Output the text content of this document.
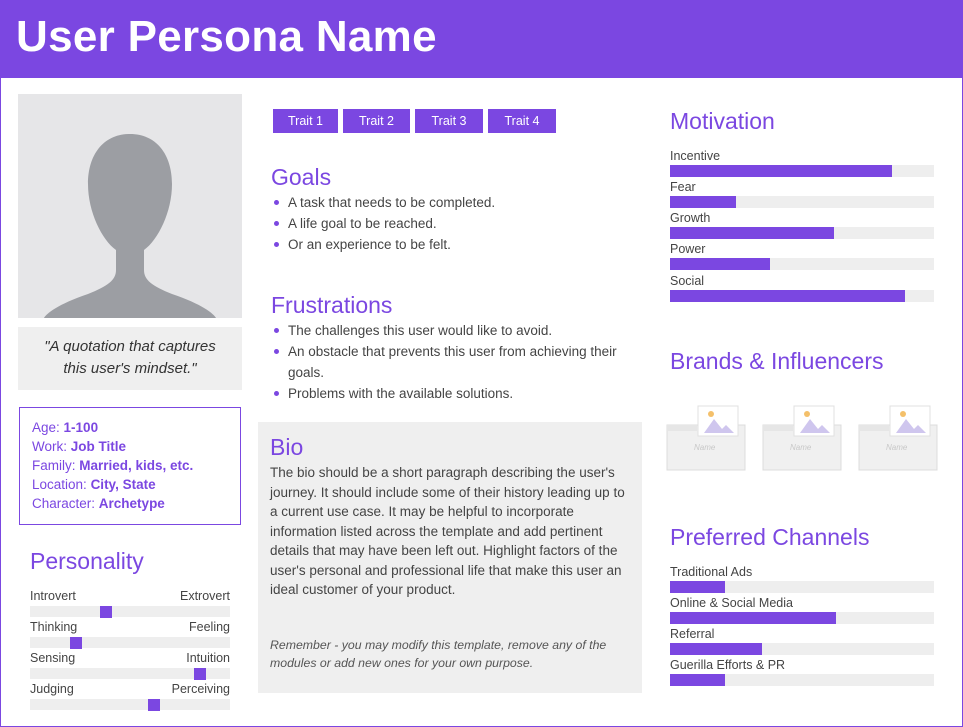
User Persona Name
"A quotation that captures
this user's mindset."
Age: 1-100
Work: Job Title
Family: Married, kids, etc.
Location: City, State
Character: Archetype
Personality
Introvert	Extrovert
Thinking	Feeling
Sensing	Intuition
Judging	Perceiving
Trait 1	Trait 2	Trait 3	Trait 4
Goals
A task that needs to be completed.
A life goal to be reached.
Or an experience to be felt.
Frustrations
The challenges this user would like to avoid.
An obstacle that prevents this user from achieving their goals.
Problems with the available solutions.
Bio
The bio should be a short paragraph describing the user's journey. It should include some of their history leading up to a current use case. It may be helpful to incorporate information listed across the template and add pertinent details that may have been left out. Highlight factors of the user's personal and professional life that make this user an ideal customer of your product.
Remember - you may modify this template, remove any of the modules or add new ones for your own purpose.
Motivation
Incentive
Fear
Growth
Power
Social
Brands & Influencers
Name	Name	Name
Preferred Channels
Traditional Ads
Online & Social Media
Referral
Guerilla Efforts & PR
